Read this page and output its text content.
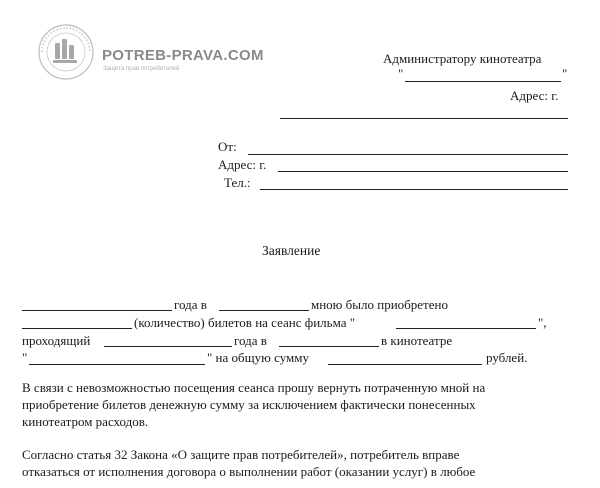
POTREB-PRAVA.COM
Защита прав потребителей
Администратору кинотеатра
"	"
Адрес: г.
От:
Адрес: г.
Тел.:
Заявление
года в	мною было приобретено
(количество) билетов на сеанс фильма "	",
проходящий	года в	в кинотеатре
"	" на общую сумму	рублей.
В связи с невозможностью посещения сеанса прошу вернуть потраченную мной на
приобретение билетов денежную сумму за исключением фактически понесенных
кинотеатром расходов.
Согласно статья 32 Закона «О защите прав потребителей», потребитель вправе
отказаться от исполнения договора о выполнении работ (оказании услуг) в любое
